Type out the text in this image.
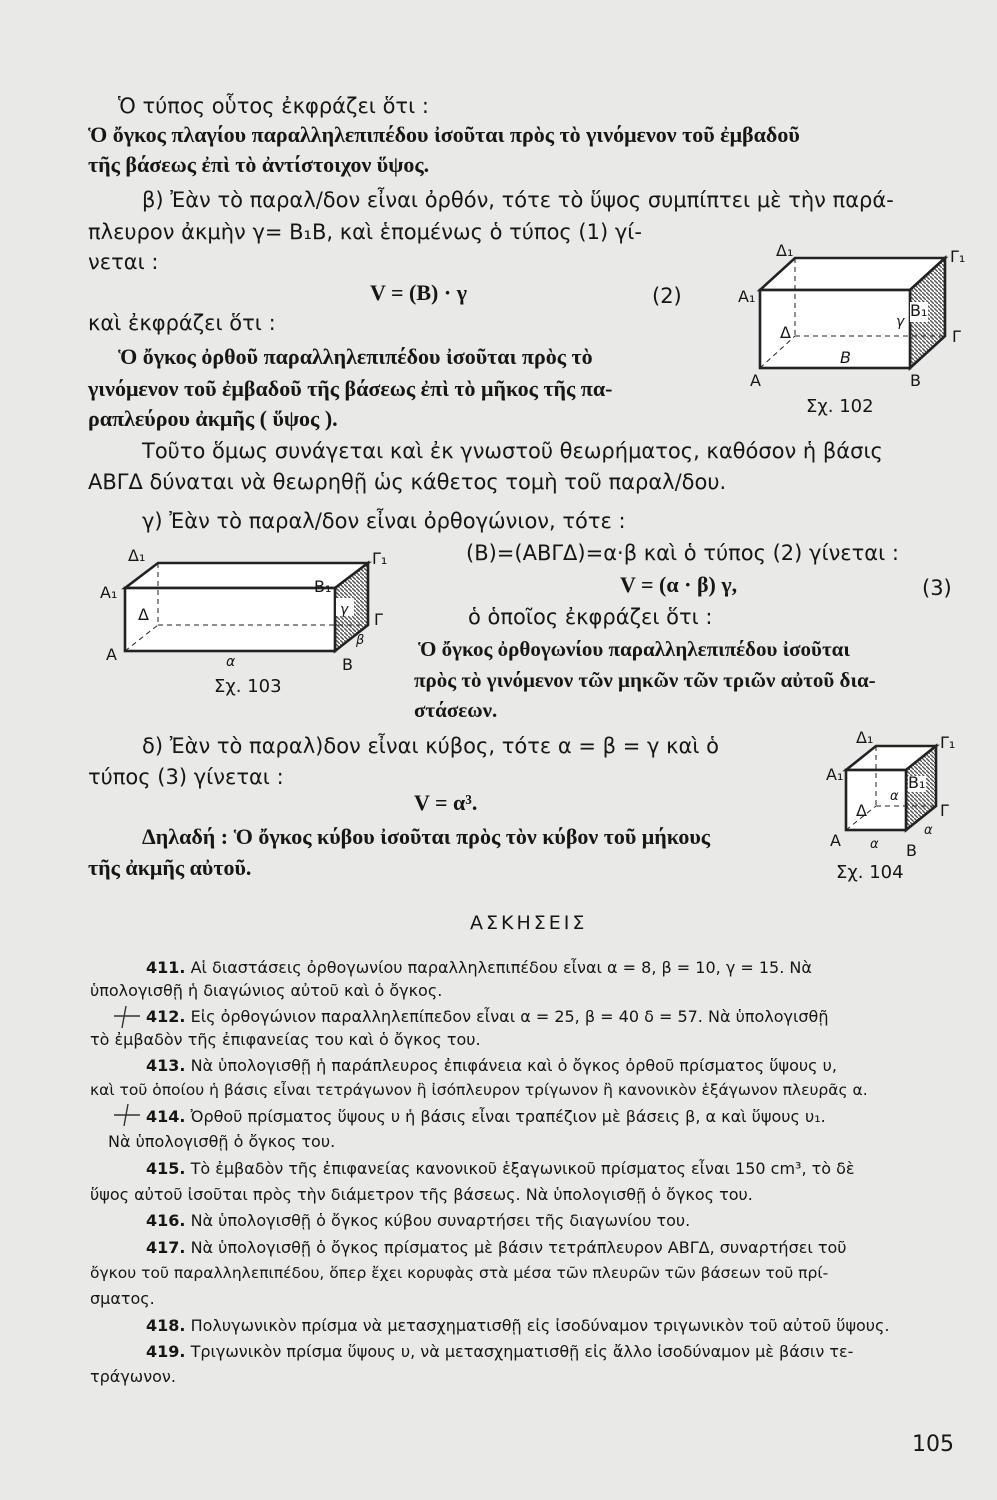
Ὁ τύπος οὗτος ἐκφράζει ὅτι :
Ὁ ὄγκος πλαγίου παραλληλεπιπέδου ἰσοῦται πρὸς τὸ γινόμενον τοῦ ἐμβαδοῦ
τῆς βάσεως ἐπὶ τὸ ἀντίστοιχον ὕψος.
β) Ἐὰν τὸ παραλ/δον εἶναι ὀρθόν, τότε τὸ ὕψος συμπίπτει μὲ τὴν παρά-
πλευρον ἀκμὴν γ= Β₁Β, καὶ ἑπομένως ὁ τύπος (1) γί-
νεται :
V = (B) · γ	(2)
καὶ ἐκφράζει ὅτι :
Ὁ ὄγκος ὀρθοῦ παραλληλεπιπέδου ἰσοῦται πρὸς τὸ
γινόμενον τοῦ ἐμβαδοῦ τῆς βάσεως ἐπὶ τὸ μῆκος τῆς πα-
ραπλεύρου ἀκμῆς ( ὕψος ).
Τοῦτο ὅμως συνάγεται καὶ ἐκ γνωστοῦ θεωρήματος, καθόσον ἡ βάσις
ΑΒΓΔ δύναται νὰ θεωρηθῇ ὡς κάθετος τομὴ τοῦ παραλ/δου.
Δ₁	Γ₁
Α₁
Β₁
γ
Δ	Γ
B
Α	Β
Σχ. 102
γ) Ἐὰν τὸ παραλ/δον εἶναι ὀρθογώνιον, τότε :
(Β)=(ΑΒΓΔ)=α·β καὶ ὁ τύπος (2) γίνεται :
V = (α · β) γ,	(3)
ὁ ὁποῖος ἐκφράζει ὅτι :
Ὁ ὄγκος ὀρθογωνίου παραλληλεπιπέδου ἰσοῦται
πρὸς τὸ γινόμενον τῶν μηκῶν τῶν τριῶν αὐτοῦ δια-
στάσεων.
Δ₁	Γ₁
Α₁	Β₁
Δ	γ Γ
β
Α	α	Β
Σχ. 103
δ) Ἐὰν τὸ παραλ)δον εἶναι κύβος, τότε α = β = γ καὶ ὁ
τύπος (3) γίνεται :
V = α³.
Δηλαδή : Ὁ ὄγκος κύβου ἰσοῦται πρὸς τὸν κύβον τοῦ μήκους
τῆς ἀκμῆς αὐτοῦ.
Δ₁	Γ₁
Α₁	Β₁
α
Δ	Γ
α
Α α Β
Σχ. 104
ΑΣΚΗΣΕΙΣ
411. Αἱ διαστάσεις ὀρθογωνίου παραλληλεπιπέδου εἶναι α = 8, β = 10, γ = 15. Νὰ
ὑπολογισθῇ ἡ διαγώνιος αὐτοῦ καὶ ὁ ὄγκος.
412. Εἰς ὀρθογώνιον παραλληλεπίπεδον εἶναι α = 25, β = 40 δ = 57. Νὰ ὑπολογισθῇ
τὸ ἐμβαδὸν τῆς ἐπιφανείας του καὶ ὁ ὄγκος του.
413. Νὰ ὑπολογισθῇ ἡ παράπλευρος ἐπιφάνεια καὶ ὁ ὄγκος ὀρθοῦ πρίσματος ὕψους υ,
καὶ τοῦ ὁποίου ἡ βάσις εἶναι τετράγωνον ἢ ἰσόπλευρον τρίγωνον ἢ κανονικὸν ἑξάγωνον πλευρᾶς α.
414. Ὀρθοῦ πρίσματος ὕψους υ ἡ βάσις εἶναι τραπέζιον μὲ βάσεις β, α καὶ ὕψους υ₁.
Νὰ ὑπολογισθῇ ὁ ὄγκος του.
415. Τὸ ἐμβαδὸν τῆς ἐπιφανείας κανονικοῦ ἑξαγωνικοῦ πρίσματος εἶναι 150 cm³, τὸ δὲ
ὕψος αὐτοῦ ἰσοῦται πρὸς τὴν διάμετρον τῆς βάσεως. Νὰ ὑπολογισθῇ ὁ ὄγκος του.
416. Νὰ ὑπολογισθῇ ὁ ὄγκος κύβου συναρτήσει τῆς διαγωνίου του.
417. Νὰ ὑπολογισθῇ ὁ ὄγκος πρίσματος μὲ βάσιν τετράπλευρον ΑΒΓΔ, συναρτήσει τοῦ
ὄγκου τοῦ παραλληλεπιπέδου, ὅπερ ἔχει κορυφὰς στὰ μέσα τῶν πλευρῶν τῶν βάσεων τοῦ πρί-
σματος.
418. Πολυγωνικὸν πρίσμα νὰ μετασχηματισθῇ εἰς ἰσοδύναμον τριγωνικὸν τοῦ αὐτοῦ ὕψους.
419. Τριγωνικὸν πρίσμα ὕψους υ, νὰ μετασχηματισθῇ εἰς ἄλλο ἰσοδύναμον μὲ βάσιν τε-
τράγωνον.
105
